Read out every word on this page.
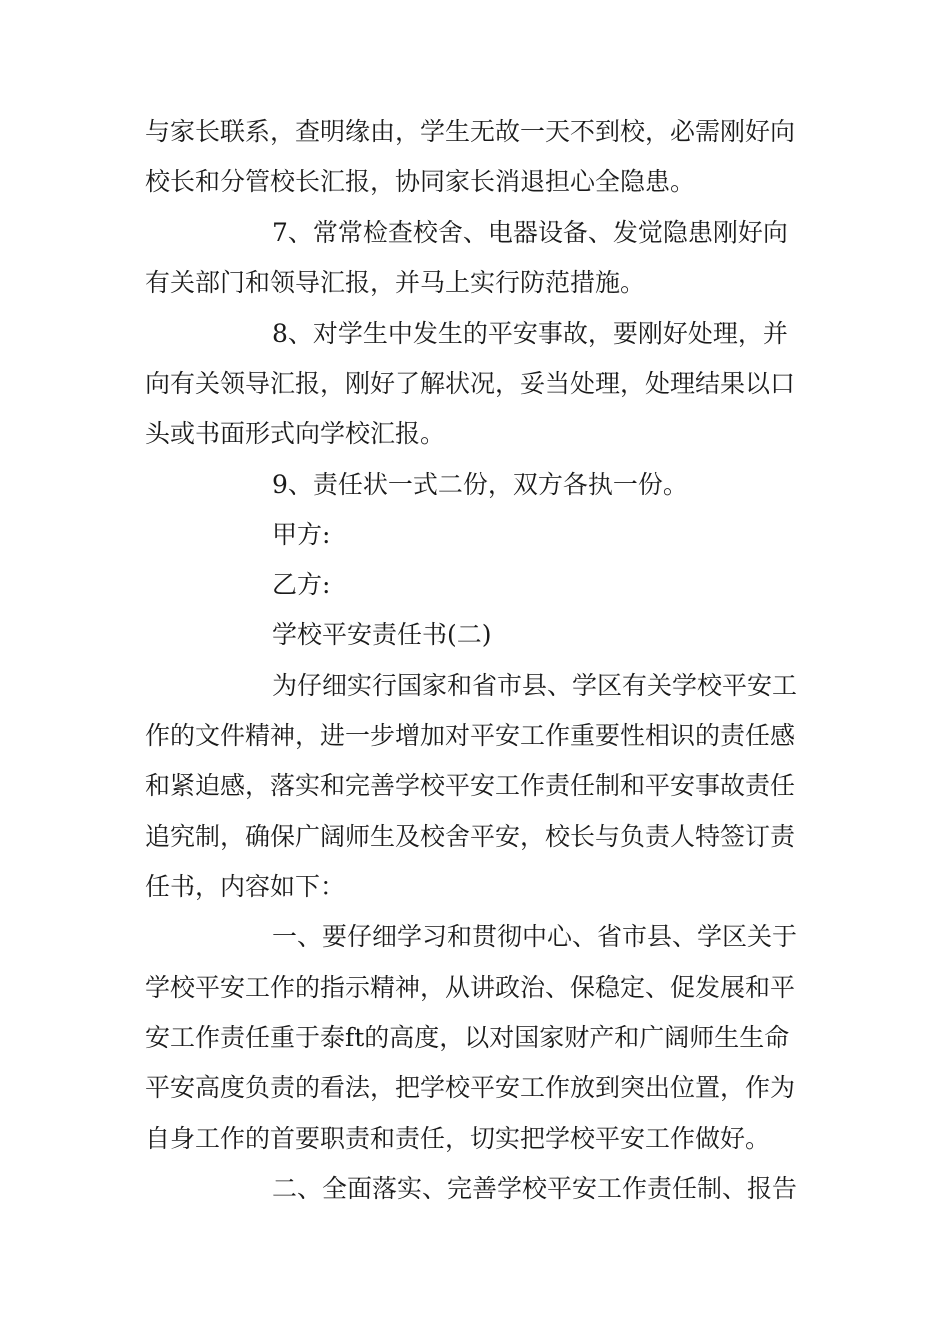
与家长联系，查明缘由，学生无故一天不到校，必需刚好向
校长和分管校长汇报，协同家长消退担心全隐患。
7、常常检查校舍、电器设备、发觉隐患刚好向
有关部门和领导汇报，并马上实行防范措施。
8、对学生中发生的平安事故，要刚好处理，并
向有关领导汇报，刚好了解状况，妥当处理，处理结果以口
头或书面形式向学校汇报。
9、责任状一式二份，双方各执一份。
甲方:
乙方:
学校平安责任书(二)
为仔细实行国家和省市县、学区有关学校平安工
作的文件精神，进一步增加对平安工作重要性相识的责任感
和紧迫感，落实和完善学校平安工作责任制和平安事故责任
追究制，确保广阔师生及校舍平安，校长与负责人特签订责
任书，内容如下：
一、要仔细学习和贯彻中心、省市县、学区关于
学校平安工作的指示精神，从讲政治、保稳定、促发展和平
安工作责任重于泰ft的高度，以对国家财产和广阔师生生命
平安高度负责的看法，把学校平安工作放到突出位置，作为
自身工作的首要职责和责任，切实把学校平安工作做好。
二、全面落实、完善学校平安工作责任制、报告
